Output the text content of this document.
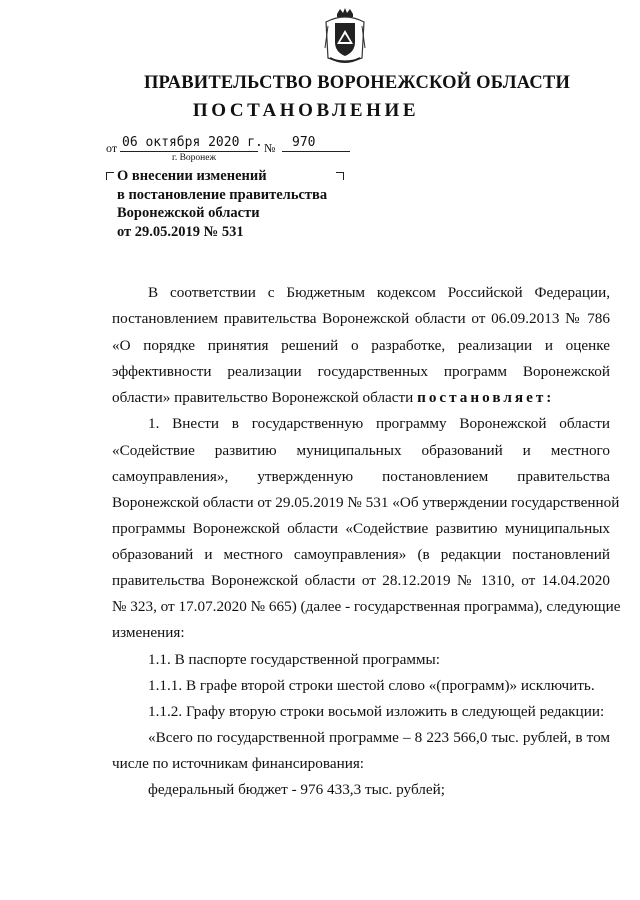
ПРАВИТЕЛЬСТВО ВОРОНЕЖСКОЙ ОБЛАСТИ
ПОСТАНОВЛЕНИЕ
от 06 октября 2020 г. № 970
г. Воронеж
О внесении изменений
в постановление правительства
Воронежской области
от 29.05.2019 № 531
В соответствии с Бюджетным кодексом Российской Федерации,
постановлением правительства Воронежской области от 06.09.2013 № 786
«О порядке принятия решений о разработке, реализации и оценке
эффективности реализации государственных программ Воронежской
области» правительство Воронежской области постановляет:
1. Внести в государственную программу Воронежской области
«Содействие развитию муниципальных образований и местного
самоуправления», утвержденную постановлением правительства
Воронежской области от 29.05.2019 № 531 «Об утверждении государственной
программы Воронежской области «Содействие развитию муниципальных
образований и местного самоуправления» (в редакции постановлений
правительства Воронежской области от 28.12.2019 № 1310, от 14.04.2020
№ 323, от 17.07.2020 № 665) (далее - государственная программа), следующие
изменения:
1.1. В паспорте государственной программы:
1.1.1. В графе второй строки шестой слово «(программ)» исключить.
1.1.2. Графу вторую строки восьмой изложить в следующей редакции:
«Всего по государственной программе – 8 223 566,0 тыс. рублей, в том
числе по источникам финансирования:
федеральный бюджет - 976 433,3 тыс. рублей;
